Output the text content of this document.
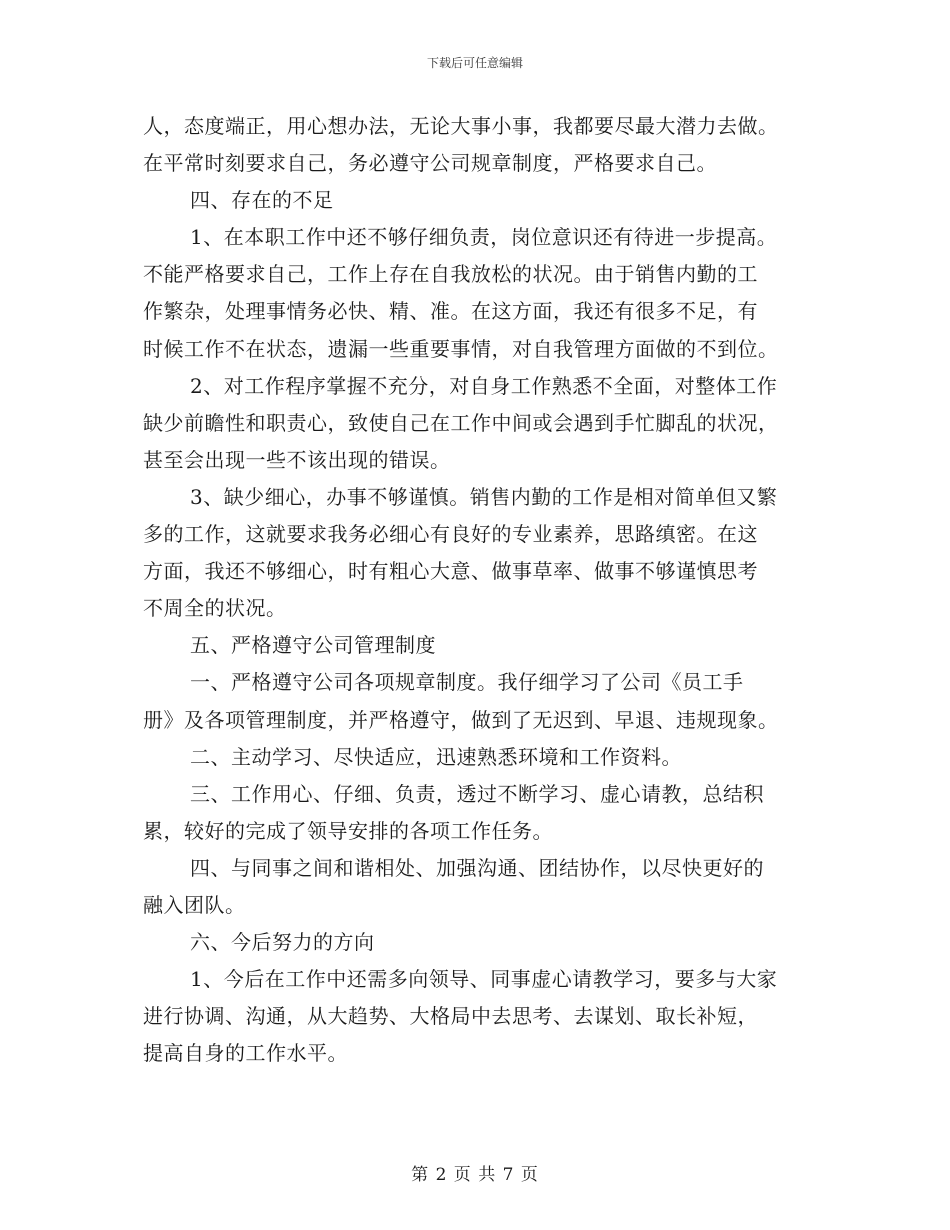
下载后可任意编辑

人，态度端正，用心想办法，无论大事小事，我都要尽最大潜力去做。
在平常时刻要求自己，务必遵守公司规章制度，严格要求自己。
四、存在的不足
1、在本职工作中还不够仔细负责，岗位意识还有待进一步提高。
不能严格要求自己，工作上存在自我放松的状况。由于销售内勤的工
作繁杂，处理事情务必快、精、准。在这方面，我还有很多不足，有
时候工作不在状态，遗漏一些重要事情，对自我管理方面做的不到位。
2、对工作程序掌握不充分，对自身工作熟悉不全面，对整体工作
缺少前瞻性和职责心，致使自己在工作中间或会遇到手忙脚乱的状况，
甚至会出现一些不该出现的错误。
3、缺少细心，办事不够谨慎。销售内勤的工作是相对简单但又繁
多的工作，这就要求我务必细心有良好的专业素养，思路缜密。在这
方面，我还不够细心，时有粗心大意、做事草率、做事不够谨慎思考
不周全的状况。
五、严格遵守公司管理制度
一、严格遵守公司各项规章制度。我仔细学习了公司《员工手
册》及各项管理制度，并严格遵守，做到了无迟到、早退、违规现象。
二、主动学习、尽快适应，迅速熟悉环境和工作资料。
三、工作用心、仔细、负责，透过不断学习、虚心请教，总结积
累，较好的完成了领导安排的各项工作任务。
四、与同事之间和谐相处、加强沟通、团结协作，以尽快更好的
融入团队。
六、今后努力的方向
1、今后在工作中还需多向领导、同事虚心请教学习，要多与大家
进行协调、沟通，从大趋势、大格局中去思考、去谋划、取长补短，
提高自身的工作水平。

第 2 页 共 7 页
